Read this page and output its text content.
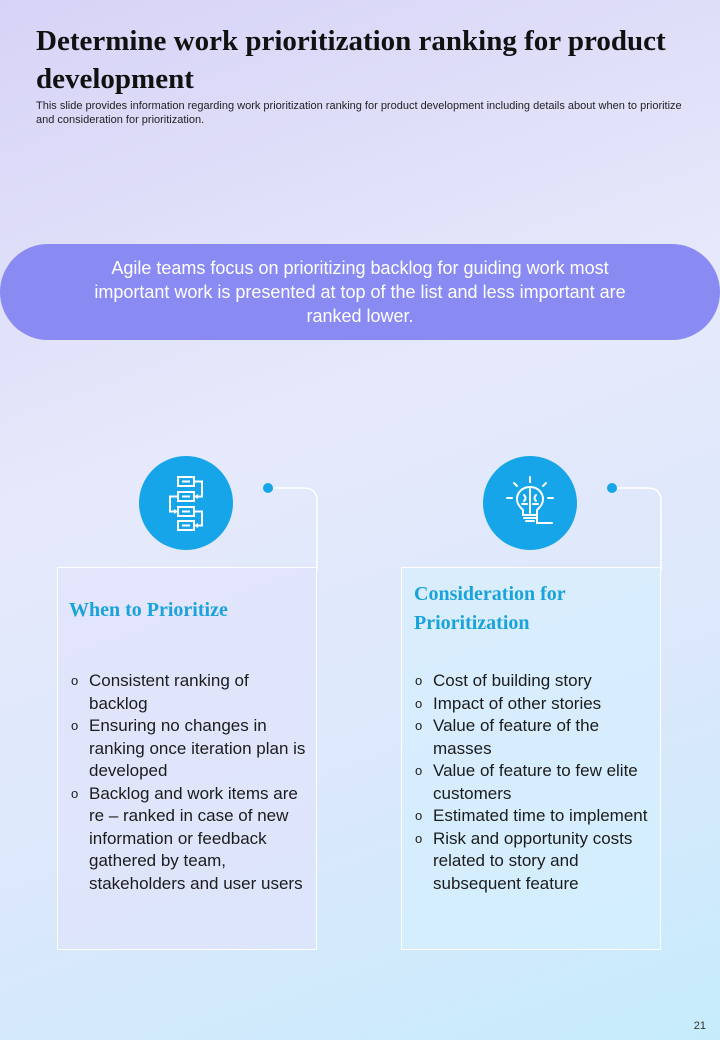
Determine work prioritization ranking for product development

This slide provides information regarding work prioritization ranking for product development including details about when to prioritize and consideration for prioritization.

Agile teams focus on prioritizing backlog for guiding work most important work is presented at top of the list and less important are ranked lower.

When to Prioritize
o Consistent ranking of backlog
o Ensuring no changes in ranking once iteration plan is developed
o Backlog and work items are re – ranked in case of new information or feedback gathered by team, stakeholders and user users
Consideration for Prioritization
o Cost of building story
o Impact of other stories
o Value of feature of the masses
o Value of feature to few elite customers
o Estimated time to implement
o Risk and opportunity costs related to story and subsequent feature

21
